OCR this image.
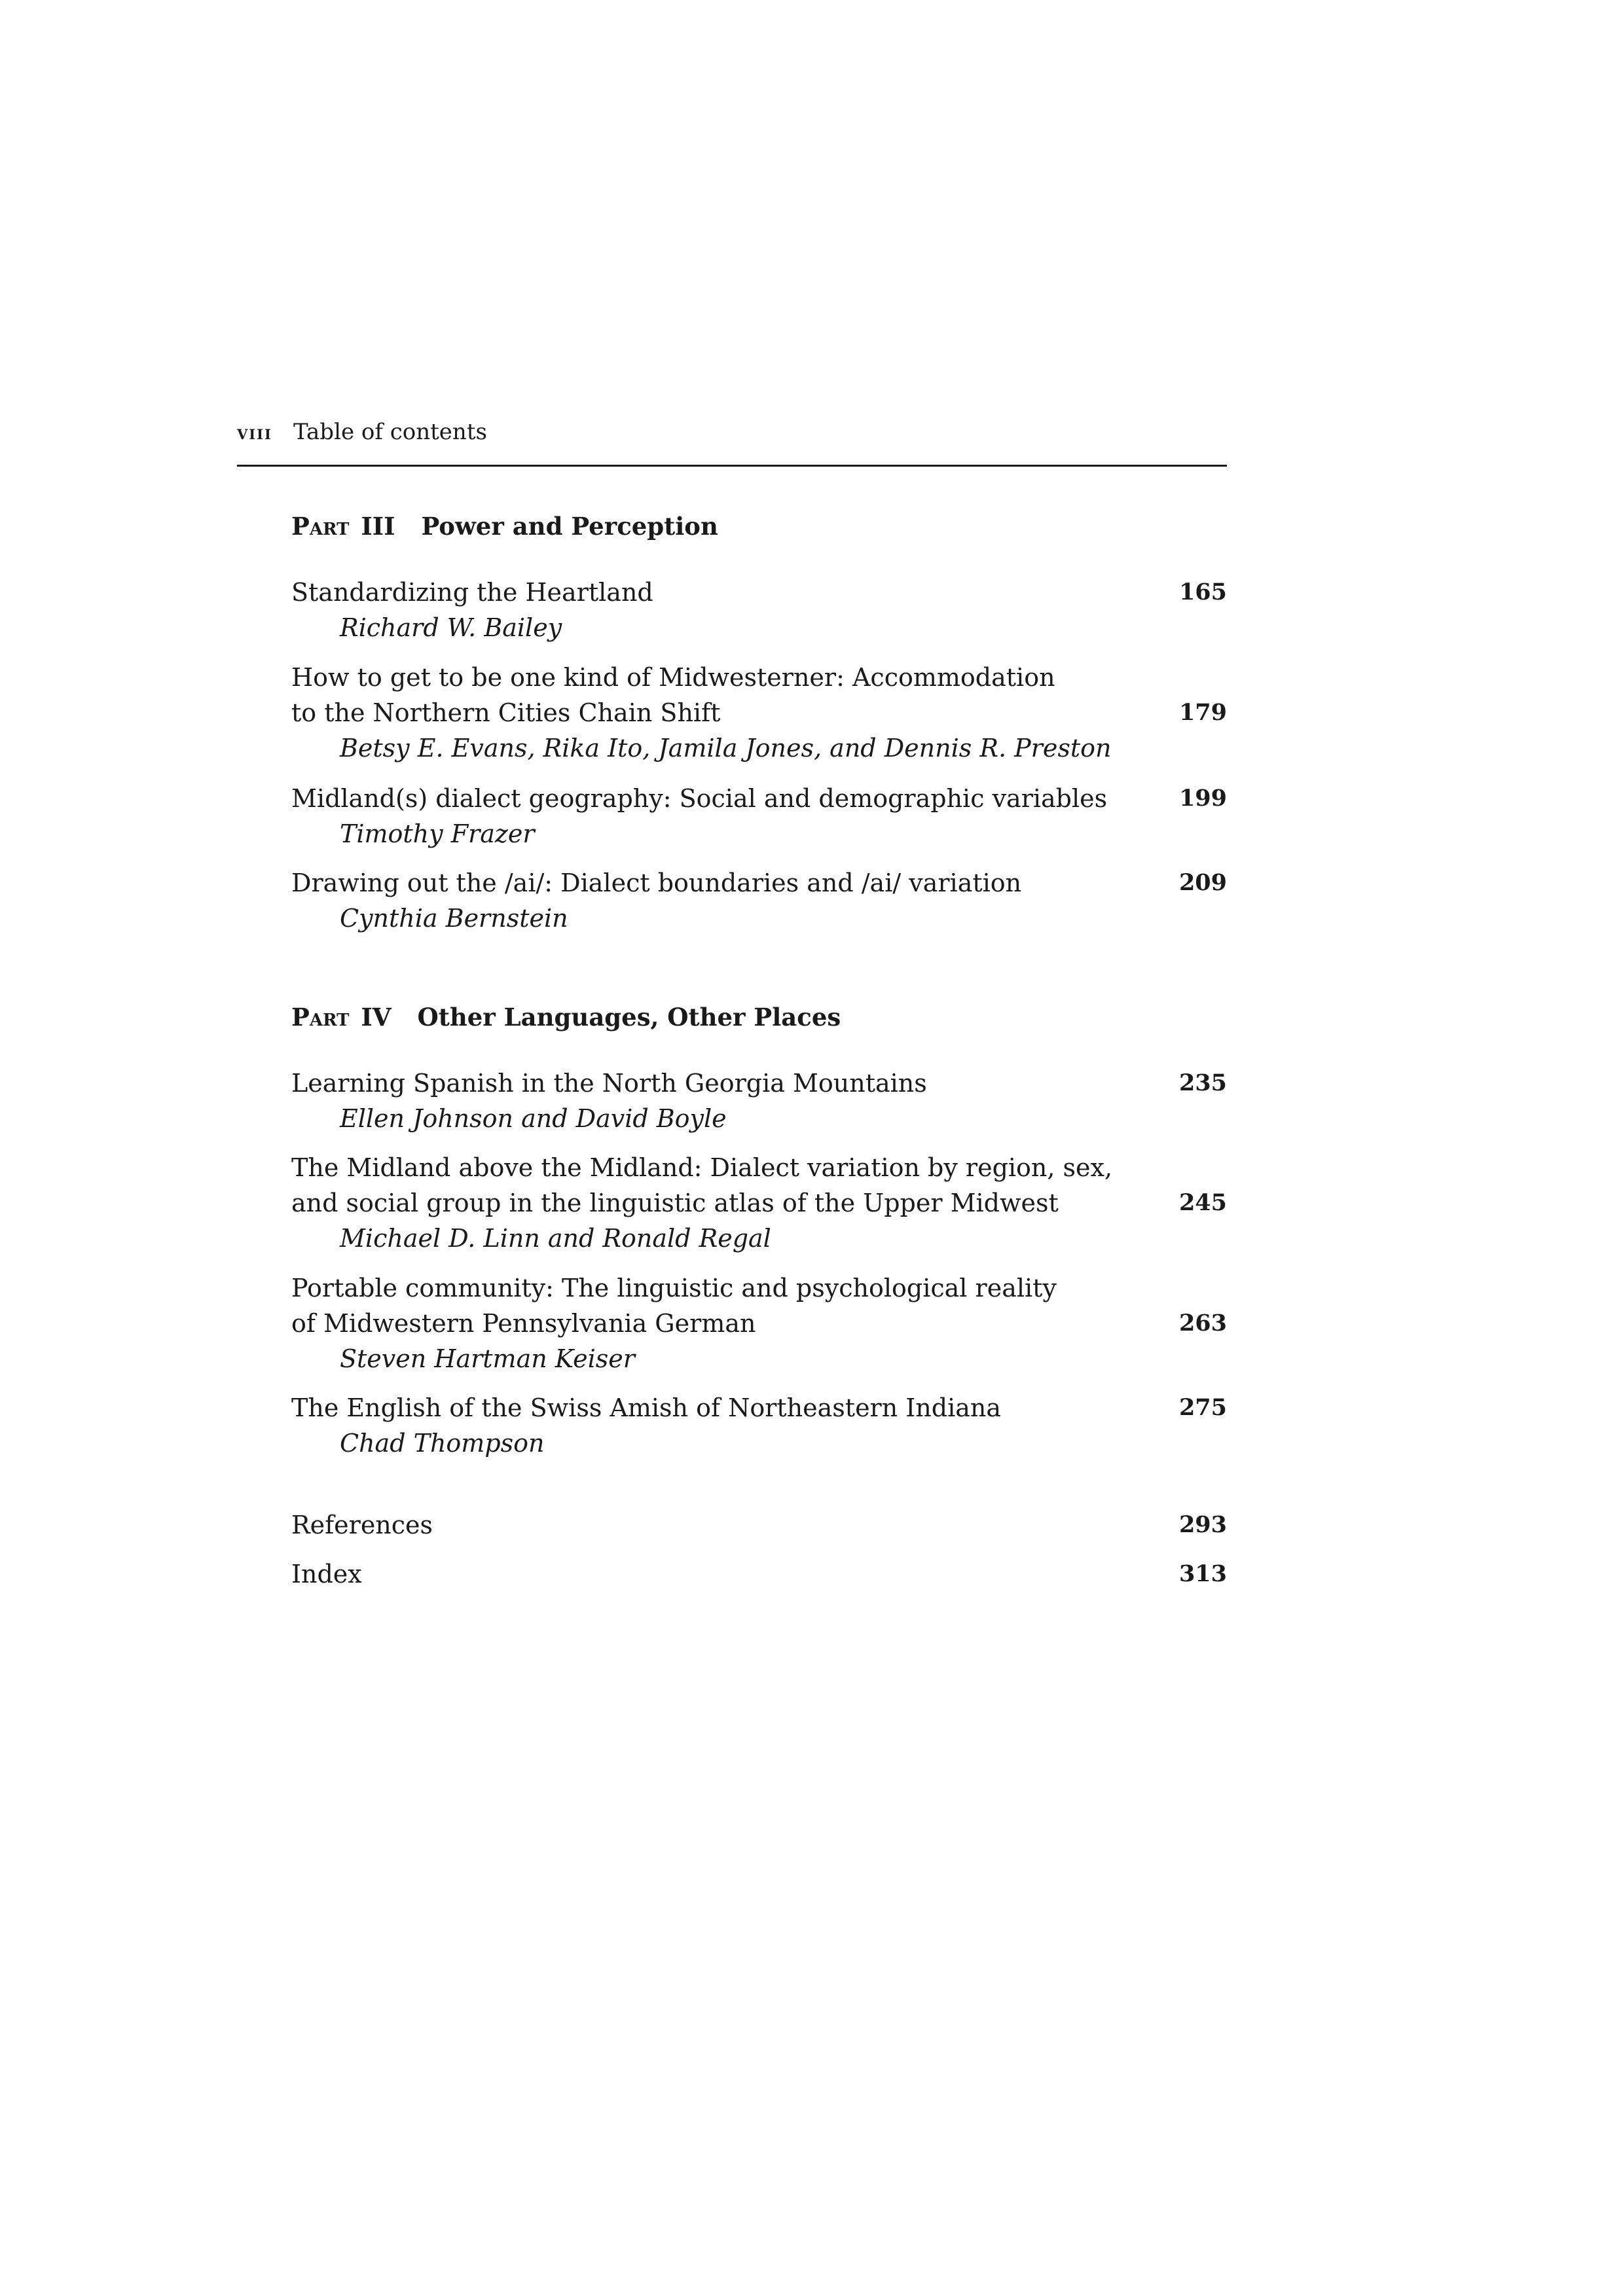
viii Table of contents
Part III Power and Perception
Standardizing the Heartland
Richard W. Bailey
165
How to get to be one kind of Midwesterner: Accommodation
to the Northern Cities Chain Shift
Betsy E. Evans, Rika Ito, Jamila Jones, and Dennis R. Preston
179
Midland(s) dialect geography: Social and demographic variables
Timothy Frazer
199
Drawing out the /ai/: Dialect boundaries and /ai/ variation
Cynthia Bernstein
209
Part IV Other Languages, Other Places
Learning Spanish in the North Georgia Mountains
Ellen Johnson and David Boyle
235
The Midland above the Midland: Dialect variation by region, sex,
and social group in the linguistic atlas of the Upper Midwest
Michael D. Linn and Ronald Regal
245
Portable community: The linguistic and psychological reality
of Midwestern Pennsylvania German
Steven Hartman Keiser
263
The English of the Swiss Amish of Northeastern Indiana
Chad Thompson
275
References	293
Index	313
